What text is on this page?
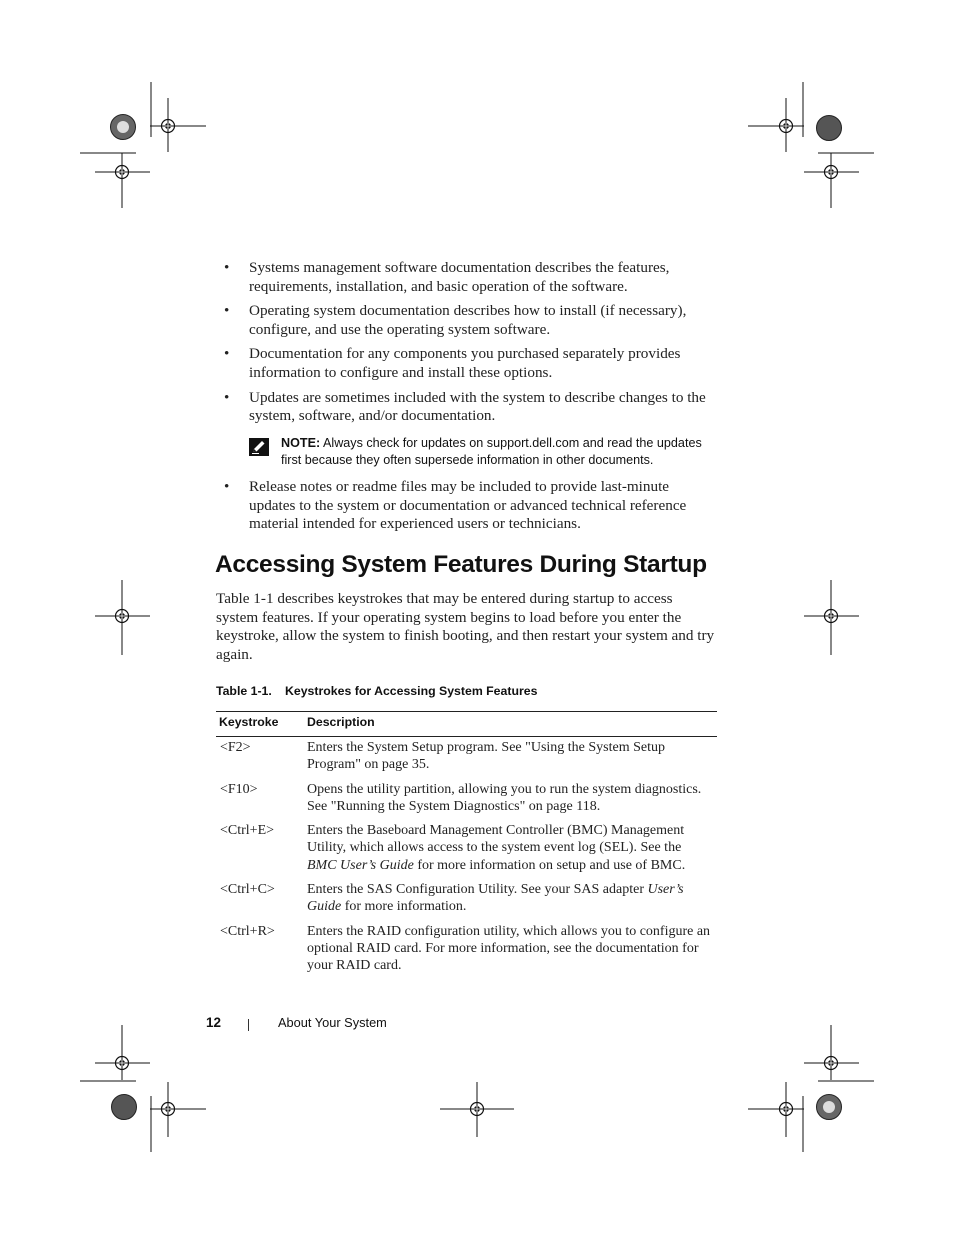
• Systems management software documentation describes the features, requirements, installation, and basic operation of the software.
• Operating system documentation describes how to install (if necessary), configure, and use the operating system software.
• Documentation for any components you purchased separately provides information to configure and install these options.
• Updates are sometimes included with the system to describe changes to the system, software, and/or documentation.
NOTE: Always check for updates on support.dell.com and read the updates first because they often supersede information in other documents.
• Release notes or readme files may be included to provide last-minute updates to the system or documentation or advanced technical reference material intended for experienced users or technicians.
Accessing System Features During Startup

Table 1-1 describes keystrokes that may be entered during startup to access system features. If your operating system begins to load before you enter the keystroke, allow the system to finish booting, and then restart your system and try again.

Table 1-1. Keystrokes for Accessing System Features
Keystroke Description
<F2>	Enters the System Setup program. See "Using the System Setup Program" on page 35.
<F10>	Opens the utility partition, allowing you to run the system diagnostics. See "Running the System Diagnostics" on page 118.
<Ctrl+E> Enters the Baseboard Management Controller (BMC) Management Utility, which allows access to the system event log (SEL). See the BMC User’s Guide for more information on setup and use of BMC.
<Ctrl+C> Enters the SAS Configuration Utility. See your SAS adapter User’s Guide for more information.
<Ctrl+R> Enters the RAID configuration utility, which allows you to configure an optional RAID card. For more information, see the documentation for your RAID card.
12	About Your System
